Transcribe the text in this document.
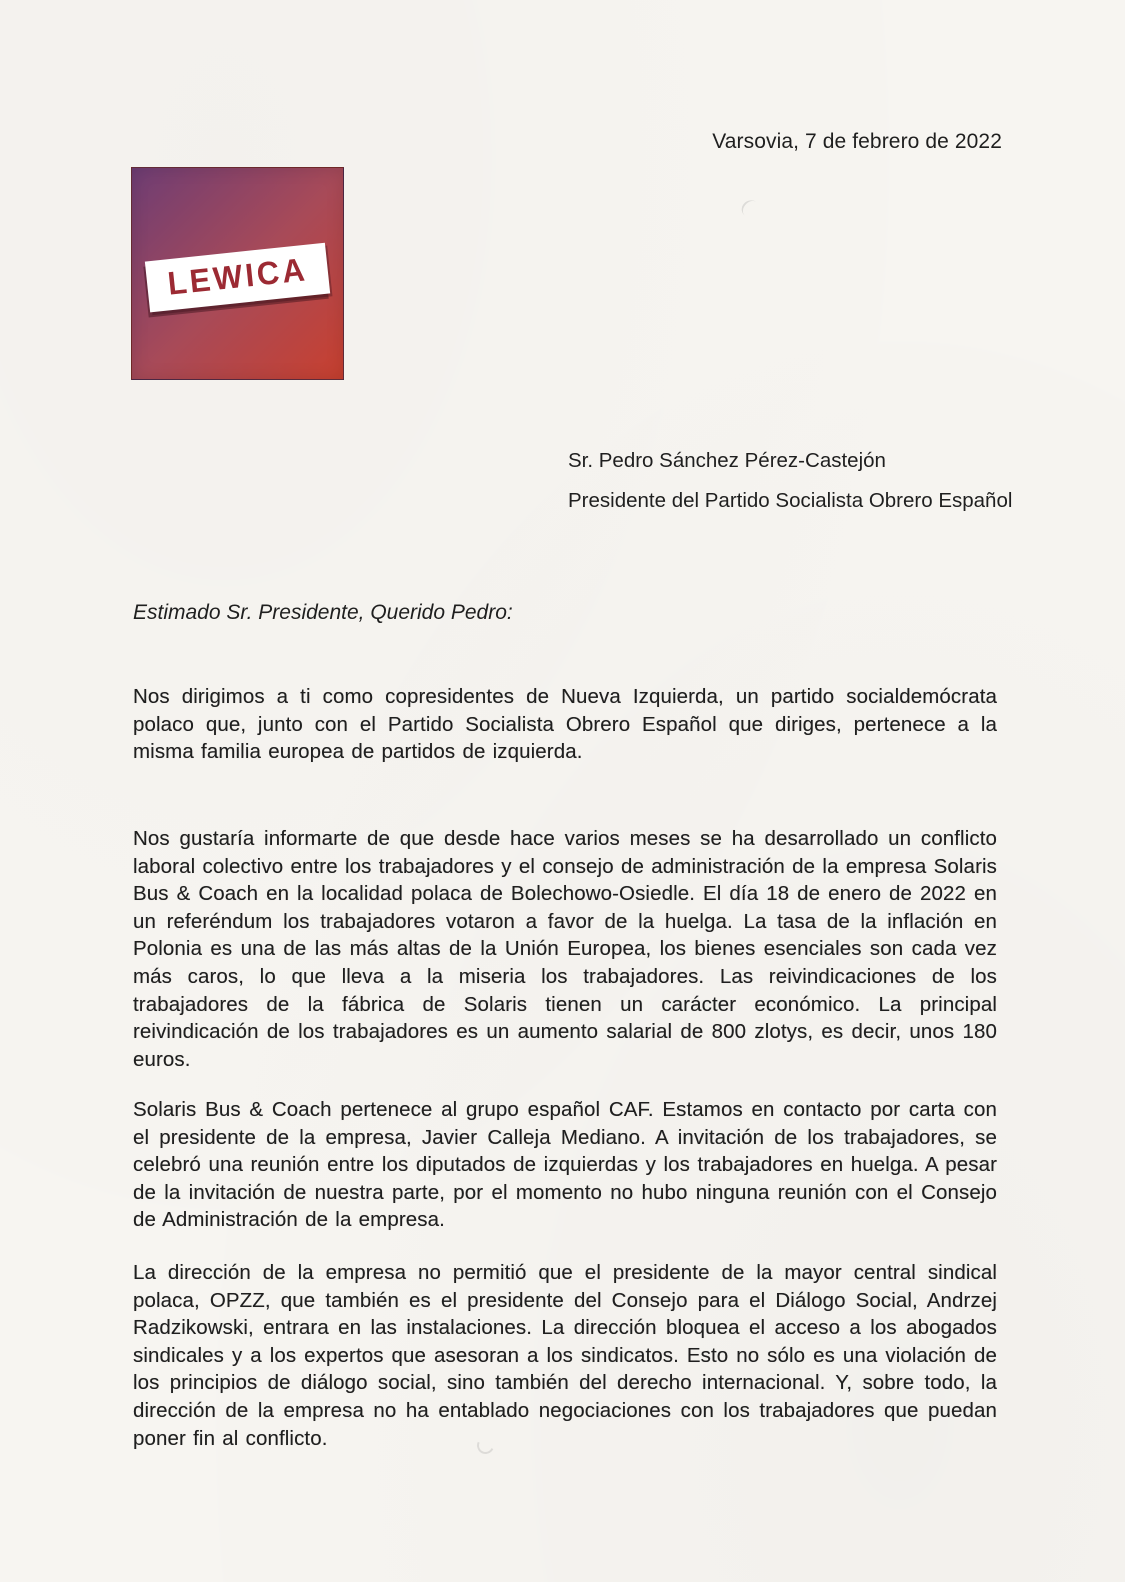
Varsovia, 7 de febrero de 2022
LEWICA
Sr. Pedro Sánchez Pérez-Castejón
Presidente del Partido Socialista Obrero Español
Estimado Sr. Presidente, Querido Pedro:
Nos dirigimos a ti como copresidentes de Nueva Izquierda, un partido socialdemócrata polaco que, junto con el Partido Socialista Obrero Español que diriges, pertenece a la misma familia europea de partidos de izquierda.
Nos gustaría informarte de que desde hace varios meses se ha desarrollado un conflicto laboral colectivo entre los trabajadores y el consejo de administración de la empresa Solaris Bus & Coach en la localidad polaca de Bolechowo-Osiedle. El día 18 de enero de 2022 en un referéndum los trabajadores votaron a favor de la huelga. La tasa de la inflación en Polonia es una de las más altas de la Unión Europea, los bienes esenciales son cada vez más caros, lo que lleva a la miseria los trabajadores. Las reivindicaciones de los trabajadores de la fábrica de Solaris tienen un carácter económico. La principal reivindicación de los trabajadores es un aumento salarial de 800 zlotys, es decir, unos 180 euros.
Solaris Bus & Coach pertenece al grupo español CAF. Estamos en contacto por carta con el presidente de la empresa, Javier Calleja Mediano. A invitación de los trabajadores, se celebró una reunión entre los diputados de izquierdas y los trabajadores en huelga. A pesar de la invitación de nuestra parte, por el momento no hubo ninguna reunión con el Consejo de Administración de la empresa.
La dirección de la empresa no permitió que el presidente de la mayor central sindical polaca, OPZZ, que también es el presidente del Consejo para el Diálogo Social, Andrzej Radzikowski, entrara en las instalaciones. La dirección bloquea el acceso a los abogados sindicales y a los expertos que asesoran a los sindicatos. Esto no sólo es una violación de los principios de diálogo social, sino también del derecho internacional. Y, sobre todo, la dirección de la empresa no ha entablado negociaciones con los trabajadores que puedan poner fin al conflicto.
